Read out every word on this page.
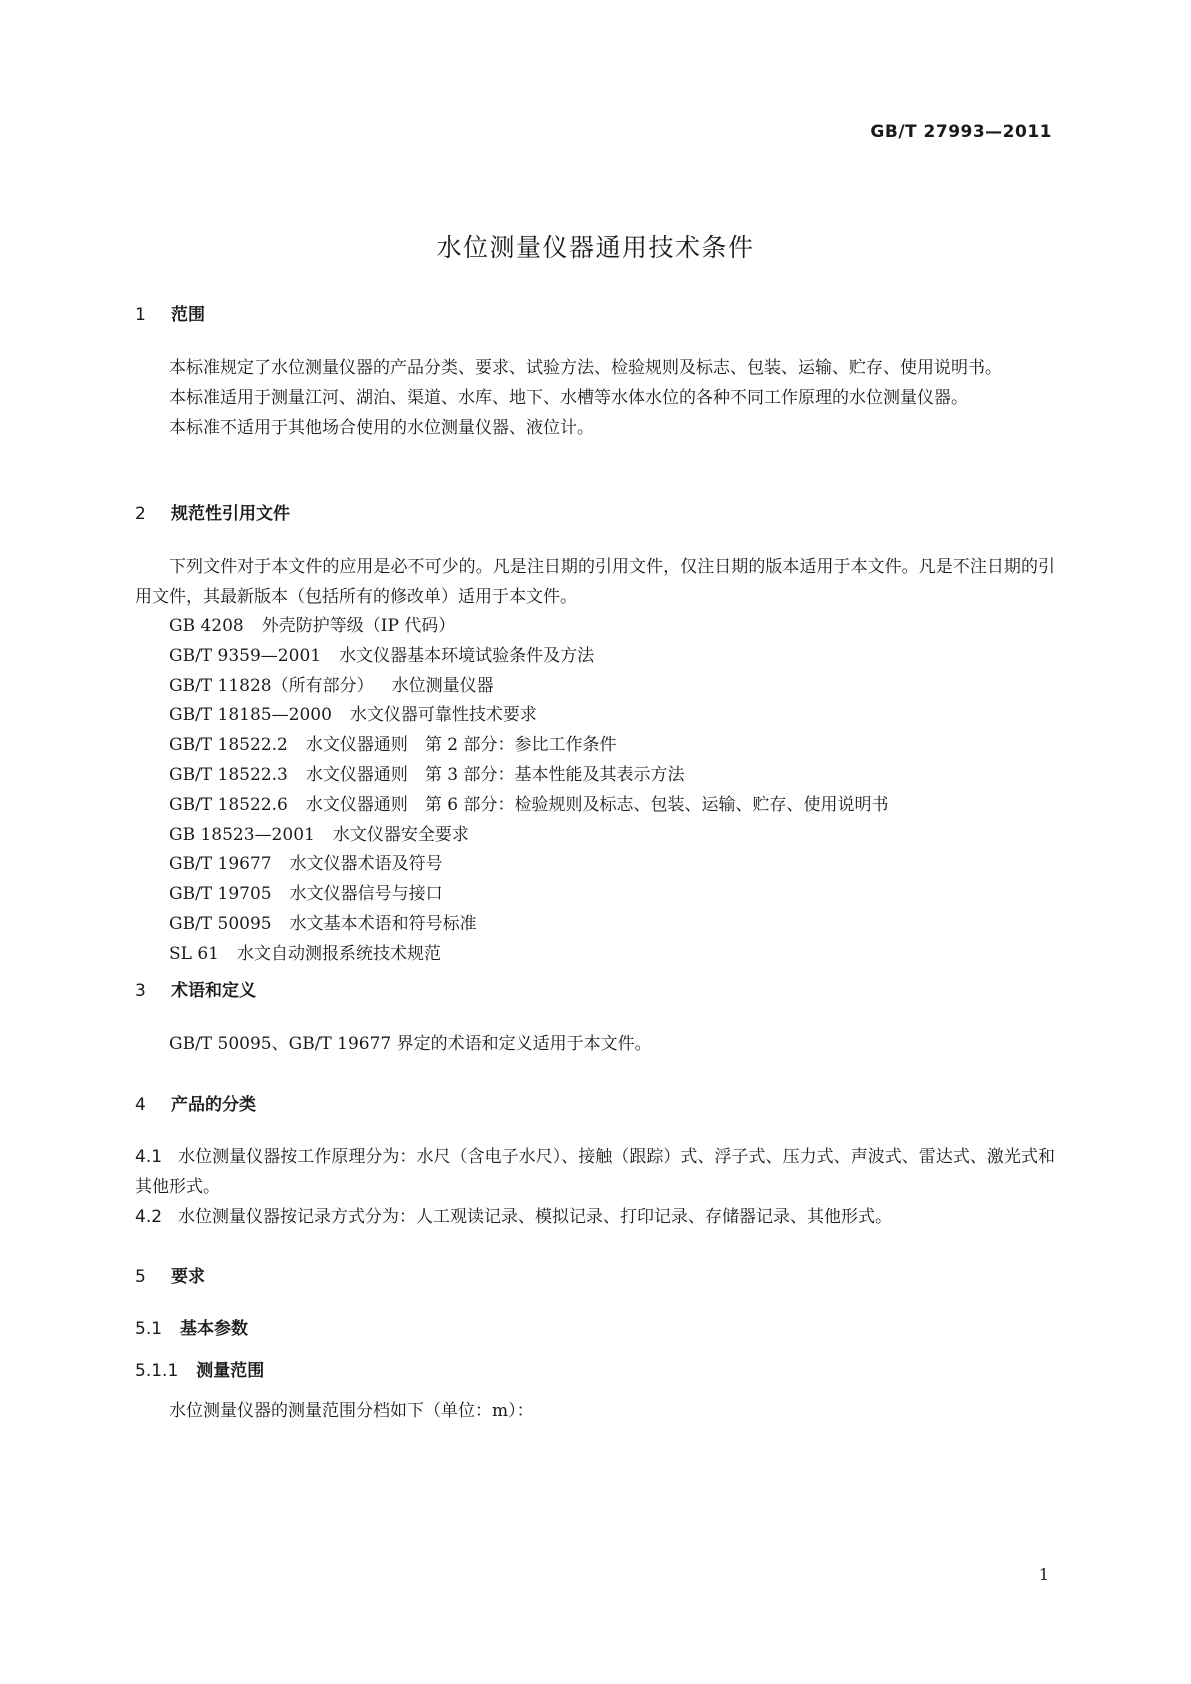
GB/T 27993—2011
水位测量仪器通用技术条件
1 范围

本标准规定了水位测量仪器的产品分类、要求、试验方法、检验规则及标志、包装、运输、贮存、使用说明书。

本标准适用于测量江河、湖泊、渠道、水库、地下、水槽等水体水位的各种不同工作原理的水位测量仪器。

本标准不适用于其他场合使用的水位测量仪器、液位计。

2 规范性引用文件

下列文件对于本文件的应用是必不可少的。凡是注日期的引用文件，仅注日期的版本适用于本文件。凡是不注日期的引用文件，其最新版本（包括所有的修改单）适用于本文件。

GB 4208 外壳防护等级（IP 代码）

GB/T 9359—2001 水文仪器基本环境试验条件及方法

GB/T 11828（所有部分） 水位测量仪器

GB/T 18185—2000 水文仪器可靠性技术要求

GB/T 18522.2 水文仪器通则　第 2 部分：参比工作条件

GB/T 18522.3 水文仪器通则　第 3 部分：基本性能及其表示方法

GB/T 18522.6 水文仪器通则　第 6 部分：检验规则及标志、包装、运输、贮存、使用说明书

GB 18523—2001 水文仪器安全要求

GB/T 19677 水文仪器术语及符号

GB/T 19705 水文仪器信号与接口

GB/T 50095 水文基本术语和符号标准

SL 61 水文自动测报系统技术规范

3 术语和定义

GB/T 50095、GB/T 19677 界定的术语和定义适用于本文件。

4 产品的分类

4.1 水位测量仪器按工作原理分为：水尺（含电子水尺）、接触（跟踪）式、浮子式、压力式、声波式、雷达式、激光式和其他形式。

4.2 水位测量仪器按记录方式分为：人工观读记录、模拟记录、打印记录、存储器记录、其他形式。

5 要求
5.1 基本参数
5.1.1 测量范围

水位测量仪器的测量范围分档如下（单位：m）：

1
